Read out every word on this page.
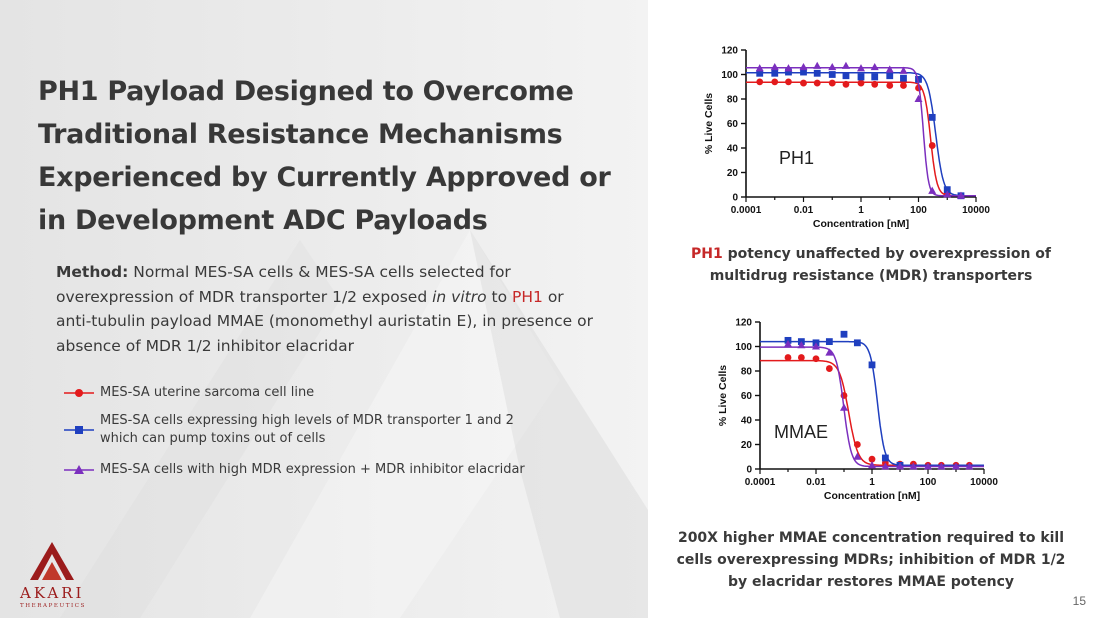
PH1 Payload Designed to Overcome Traditional Resistance Mechanisms Experienced by Currently Approved or in Development ADC Payloads
Method: Normal MES-SA cells & MES-SA cells selected for overexpression of MDR transporter 1/2 exposed in vitro to PH1 or anti-tubulin payload MMAE (monomethyl auristatin E), in presence or absence of MDR 1/2 inhibitor elacridar
MES-SA uterine sarcoma cell line
MES-SA cells expressing high levels of MDR transporter 1 and 2 which can pump toxins out of cells
MES-SA cells with high MDR expression + MDR inhibitor elacridar
AKARI
THERAPEUTICS
0
20
40
60
80
100
120
0.0001	0.01	1	100	10000
Concentration [nM]
% Live Cells
PH1
PH1 potency unaffected by overexpression of multidrug resistance (MDR) transporters
0
20
40
60
80
100
120
0.0001	0.01	1	100	10000
Concentration [nM]
% Live Cells
MMAE
200X higher MMAE concentration required to kill cells overexpressing MDRs; inhibition of MDR 1/2 by elacridar restores MMAE potency
15
